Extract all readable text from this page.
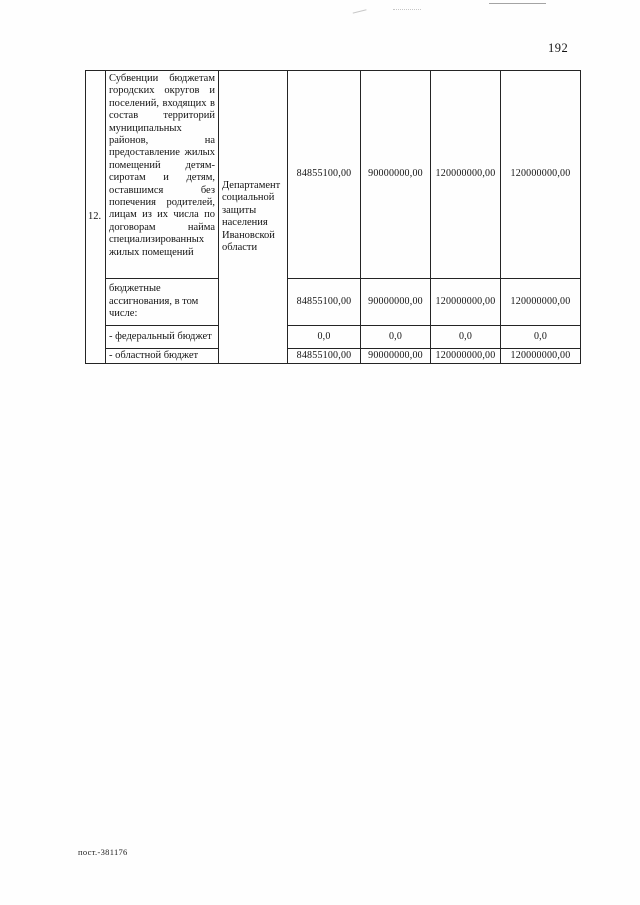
192
12.	Субвенции бюджетам городских округов и поселений, входящих в состав территорий муниципальных районов, на предоставление жилых помещений детям-сиротам и детям, оставшимся без попечения родителей, лицам из их числа по договорам найма специализированных жилых помещений	Департамент социальной защиты населения Ивановской области	84855100,00	90000000,00	120000000,00	120000000,00
	бюджетные ассигнования, в том числе:		84855100,00	90000000,00	120000000,00	120000000,00
	- федеральный бюджет		0,0	0,0	0,0	0,0
	- областной бюджет		84855100,00	90000000,00	120000000,00	120000000,00
пост.-381176
